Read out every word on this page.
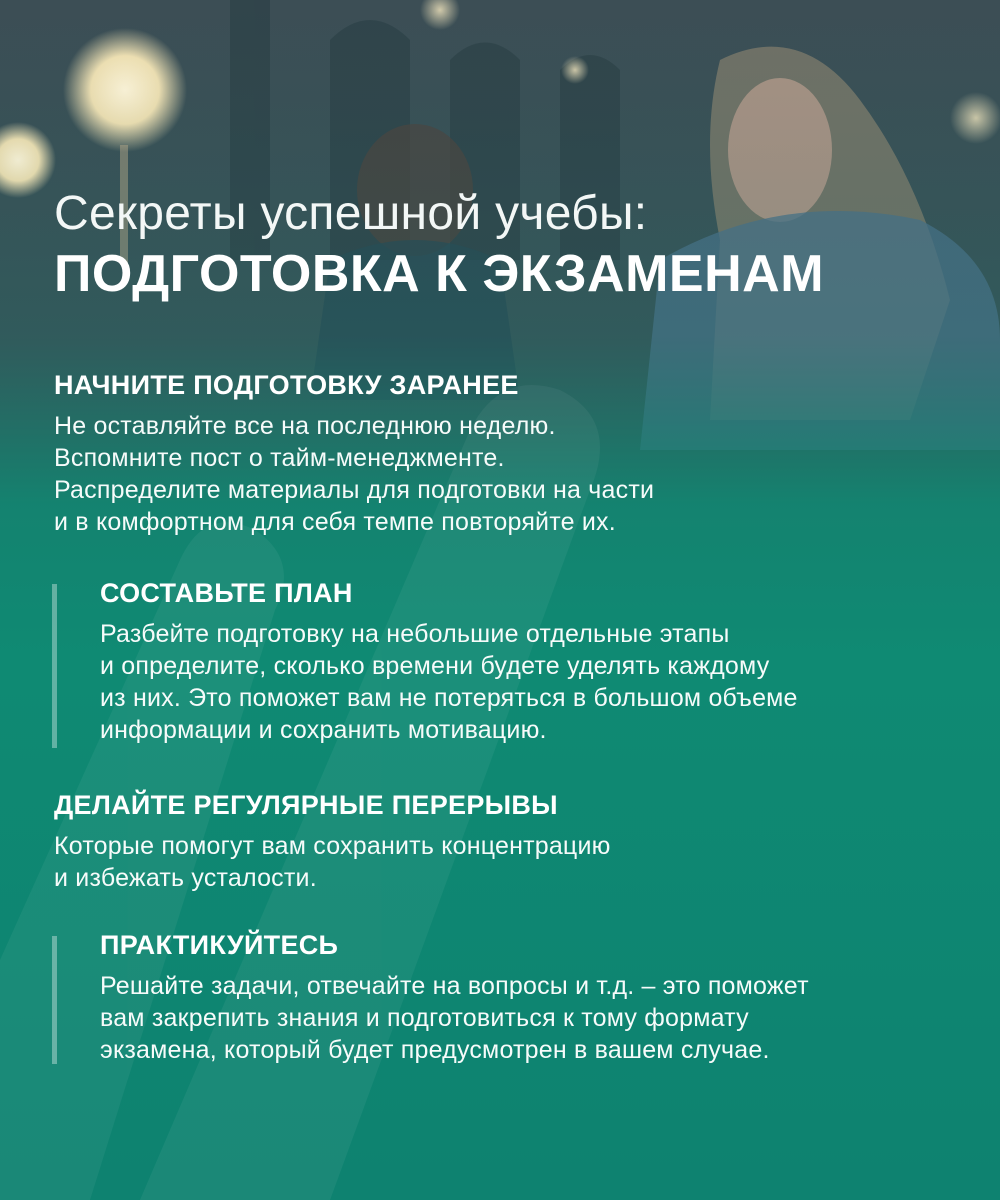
Секреты успешной учебы:
ПОДГОТОВКА К ЭКЗАМЕНАМ
НАЧНИТЕ ПОДГОТОВКУ ЗАРАНЕЕ

Не оставляйте все на последнюю неделю.
Вспомните пост о тайм-менеджменте.
Распределите материалы для подготовки на части
и в комфортном для себя темпе повторяйте их.

СОСТАВЬТЕ ПЛАН

Разбейте подготовку на небольшие отдельные этапы
и определите, сколько времени будете уделять каждому
из них. Это поможет вам не потеряться в большом объеме
информации и сохранить мотивацию.

ДЕЛАЙТЕ РЕГУЛЯРНЫЕ ПЕРЕРЫВЫ

Которые помогут вам сохранить концентрацию
и избежать усталости.

ПРАКТИКУЙТЕСЬ

Решайте задачи, отвечайте на вопросы и т.д. – это поможет
вам закрепить знания и подготовиться к тому формату
экзамена, который будет предусмотрен в вашем случае.
